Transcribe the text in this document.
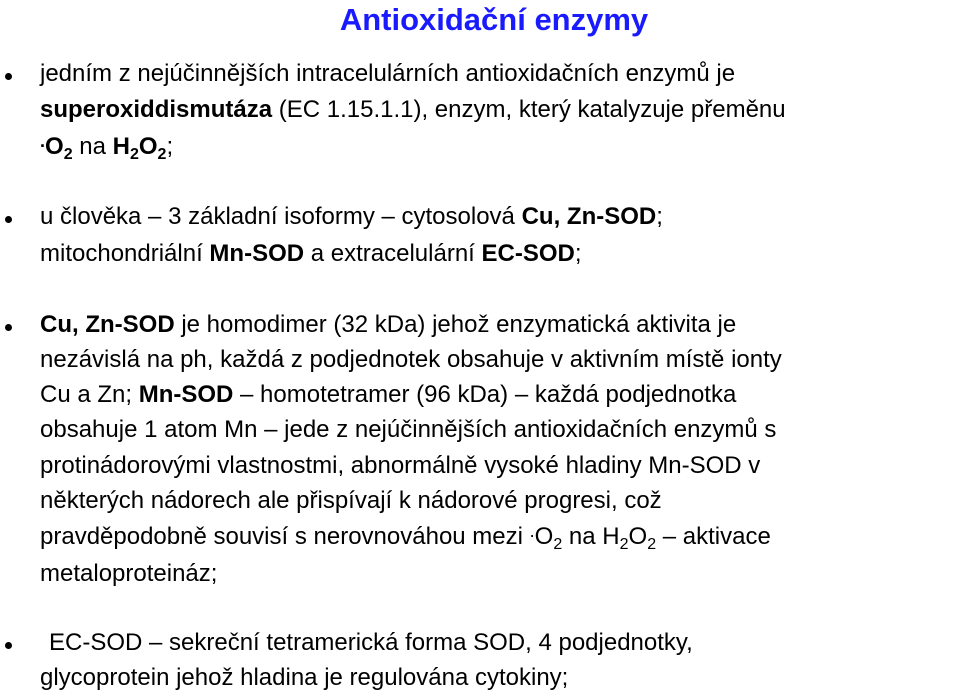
Antioxidační enzymy
jedním z nejúčinnějších intracelulárních antioxidačních enzymů je
superoxiddismutáza (EC 1.15.1.1), enzym, který katalyzuje přeměnu
$^.O_2$ na $H_2O_2$;
u člověka – 3 základní isoformy – cytosolová Cu, Zn-SOD;
mitochondriální Mn-SOD a extracelulární EC-SOD;
Cu, Zn-SOD je homodimer (32 kDa) jehož enzymatická aktivita je
nezávislá na ph, každá z podjednotek obsahuje v aktivním místě ionty
Cu a Zn; Mn-SOD – homotetramer (96 kDa) – každá podjednotka
obsahuje 1 atom Mn – jede z nejúčinnějších antioxidačních enzymů s
protinádorovými vlastnostmi, abnormálně vysoké hladiny Mn-SOD v
některých nádorech ale přispívají k nádorové progresi, což
pravděpodobně souvisí s nerovnováhou mezi $^.O_2$ na $H_2O_2$ – aktivace
metaloproteináz;
EC-SOD – sekreční tetramerická forma SOD, 4 podjednotky,
glycoprotein jehož hladina je regulována cytokiny;
